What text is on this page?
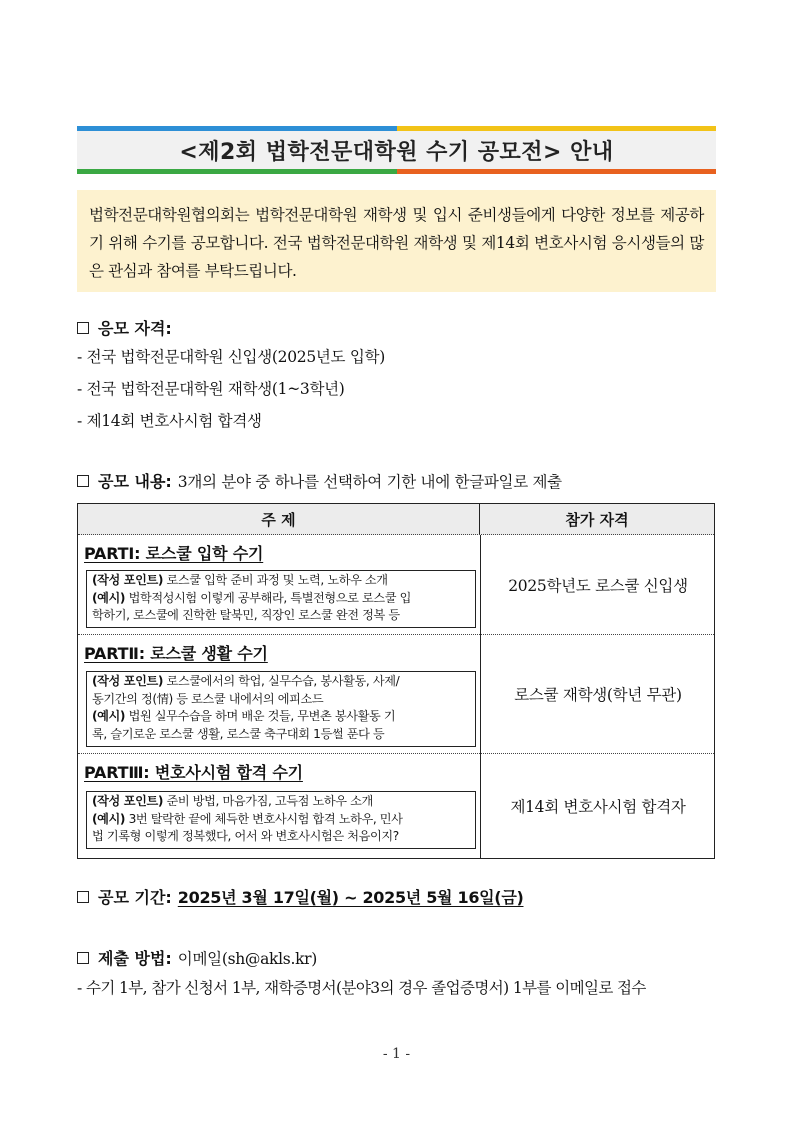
<제2회 법학전문대학원 수기 공모전> 안내

법학전문대학원협의회는 법학전문대학원 재학생 및 입시 준비생들에게 다양한 정보를 제공하기 위해 수기를 공모합니다. 전국 법학전문대학원 재학생 및 제14회 변호사시험 응시생들의 많은 관심과 참여를 부탁드립니다.

응모 자격:
- 전국 법학전문대학원 신입생(2025년도 입학)
- 전국 법학전문대학원 재학생(1~3학년)
- 제14회 변호사시험 합격생
공모 내용: 3개의 분야 중 하나를 선택하여 기한 내에 한글파일로 제출
주 제	참가 자격
PARTⅠ: 로스쿨 입학 수기
(작성 포인트) 로스쿨 입학 준비 과정 및 노력, 노하우 소개
(예시) 법학적성시험 이렇게 공부해라, 특별전형으로 로스쿨 입
학하기, 로스쿨에 진학한 탈북민, 직장인 로스쿨 완전 정복 등
2025학년도 로스쿨 신입생
PARTⅡ: 로스쿨 생활 수기
(작성 포인트) 로스쿨에서의 학업, 실무수습, 봉사활동, 사제/
동기간의 정(情) 등 로스쿨 내에서의 에피소드
(예시) 법원 실무수습을 하며 배운 것들, 무변촌 봉사활동 기
록, 슬기로운 로스쿨 생활, 로스쿨 축구대회 1등썰 푼다 등
로스쿨 재학생(학년 무관)
PARTⅢ: 변호사시험 합격 수기
(작성 포인트) 준비 방법, 마음가짐, 고득점 노하우 소개
(예시) 3번 탈락한 끝에 체득한 변호사시험 합격 노하우, 민사
법 기록형 이렇게 정복했다, 어서 와 변호사시험은 처음이지?
제14회 변호사시험 합격자
공모 기간: 2025년 3월 17일(월) ~ 2025년 5월 16일(금)
제출 방법: 이메일(sh@akls.kr)
- 수기 1부, 참가 신청서 1부, 재학증명서(분야3의 경우 졸업증명서) 1부를 이메일로 접수
- 1 -
